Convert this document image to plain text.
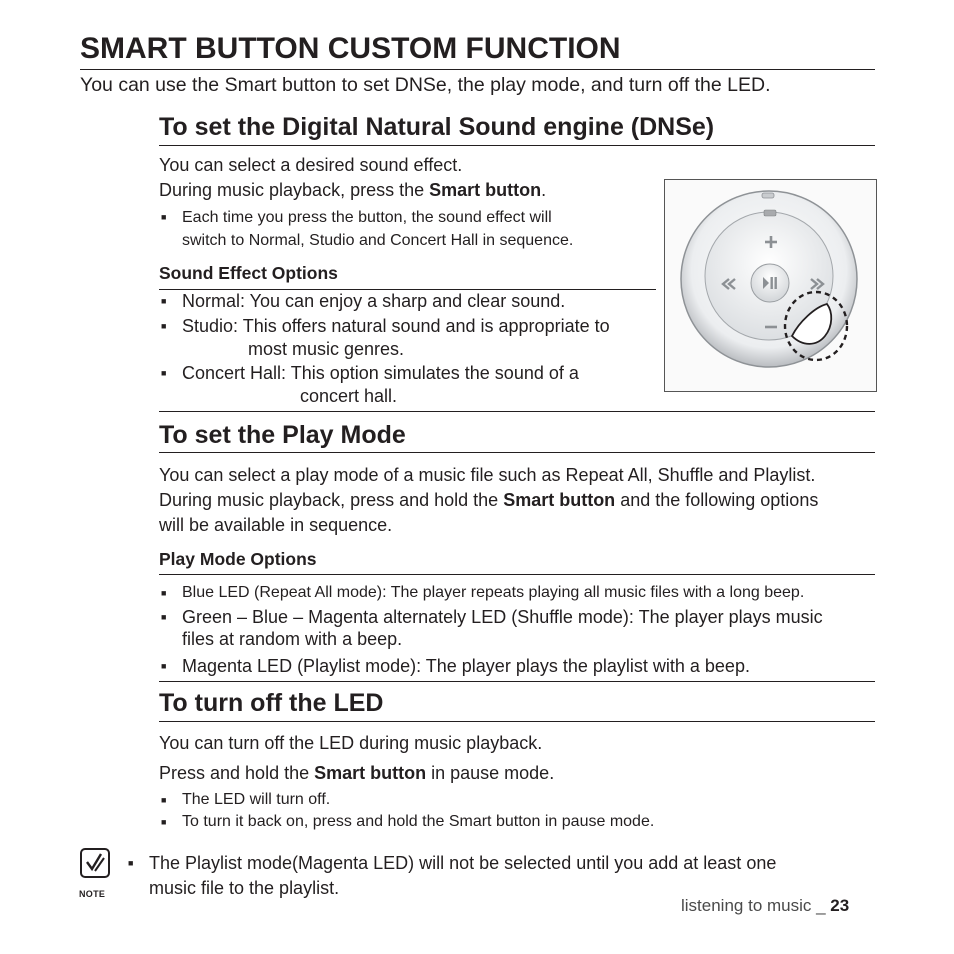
SMART BUTTON CUSTOM FUNCTION
You can use the Smart button to set DNSe, the play mode, and turn off the LED.
To set the Digital Natural Sound engine (DNSe)
You can select a desired sound effect.
During music playback, press the Smart button.
■ Each time you press the button, the sound effect will
switch to Normal, Studio and Concert Hall in sequence.
Sound Effect Options
■ Normal: You can enjoy a sharp and clear sound.
■ Studio: This offers natural sound and is appropriate to
most music genres.
■ Concert Hall: This option simulates the sound of a
concert hall.
To set the Play Mode
You can select a play mode of a music file such as Repeat All, Shuffle and Playlist.
During music playback, press and hold the Smart button and the following options
will be available in sequence.
Play Mode Options
■ Blue LED (Repeat All mode): The player repeats playing all music files with a long beep.
■ Green – Blue – Magenta alternately LED (Shuffle mode): The player plays music
files at random with a beep.
■ Magenta LED (Playlist mode): The player plays the playlist with a beep.
To turn off the LED
You can turn off the LED during music playback.
Press and hold the Smart button in pause mode.
■ The LED will turn off.
■ To turn it back on, press and hold the Smart button in pause mode.
NOTE
■ The Playlist mode(Magenta LED) will not be selected until you add at least one
music file to the playlist.
listening to music _ 23
